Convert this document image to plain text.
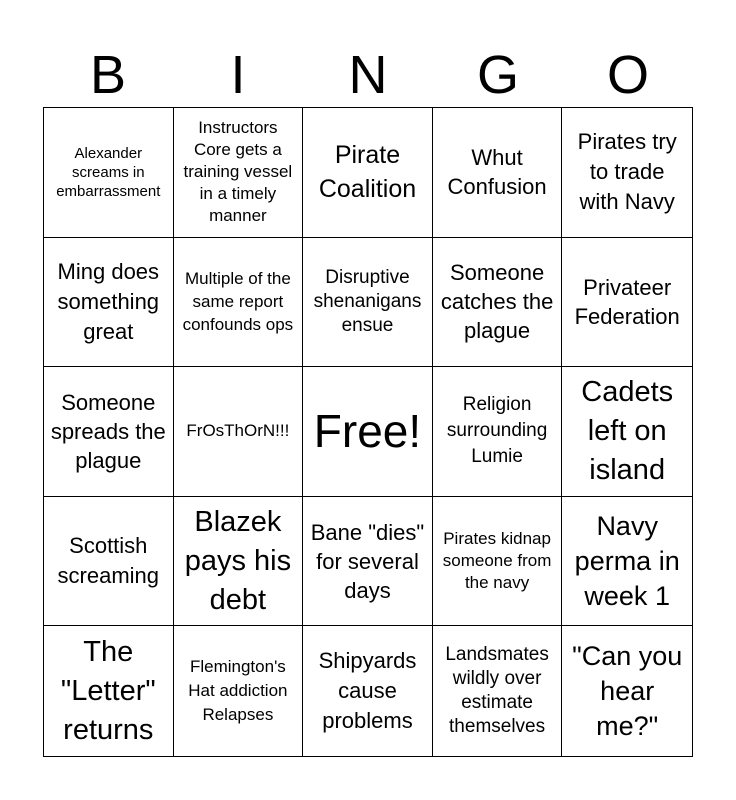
B	I	N	G	O
Alexander screams in embarrassment
Instructors Core gets a training vessel in a timely manner
Pirate Coalition
Whut Confusion
Pirates try to trade with Navy
Ming does something great
Multiple of the same report confounds ops
Disruptive shenanigans ensue
Someone catches the plague
Privateer Federation
Someone spreads the plague
FrOsThOrN!!! Free!
Religion surrounding Lumie
Cadets left on island
Scottish screaming
Blazek pays his debt
Bane "dies" for several days
Pirates kidnap someone from the navy
Navy perma in week 1
The "Letter" returns
Flemington's Hat addiction Relapses
Shipyards cause problems
Landsmates wildly over estimate themselves
"Can you hear me?"
